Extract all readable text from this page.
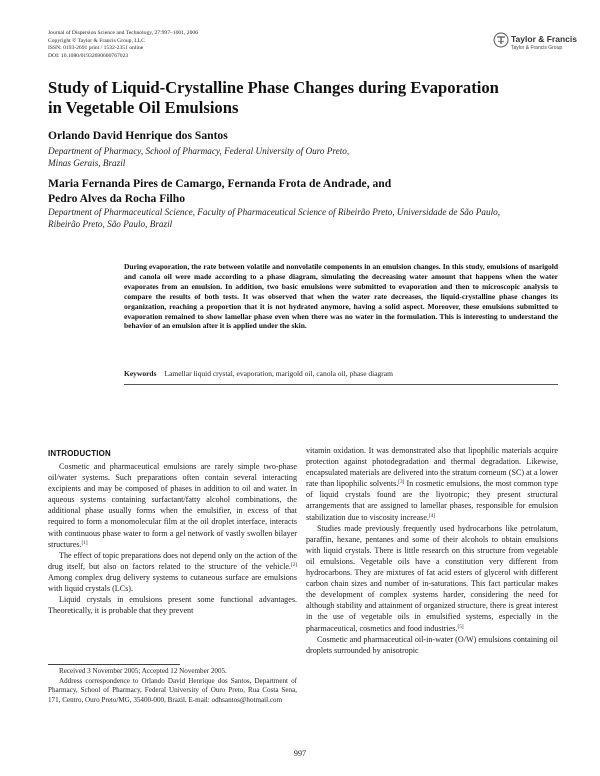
Journal of Dispersion Science and Technology, 27:997–1001, 2006
Copyright © Taylor & Francis Group, LLC
ISSN: 0193-2691 print / 1532-2351 online
DOI: 10.1080/01932690600767023
Taylor & Francis
Taylor & Francis Group
Study of Liquid-Crystalline Phase Changes during Evaporation
in Vegetable Oil Emulsions
Orlando David Henrique dos Santos
Department of Pharmacy, School of Pharmacy, Federal University of Ouro Preto,
Minas Gerais, Brazil
Maria Fernanda Pires de Camargo, Fernanda Frota de Andrade, and
Pedro Alves da Rocha Filho
Department of Pharmaceutical Science, Faculty of Pharmaceutical Science of Ribeirão Preto, Universidade de São Paulo,
Ribeirão Preto, São Paulo, Brazil
During evaporation, the rate between volatile and nonvolatile components in an emulsion changes. In this study, emulsions of marigold and canola oil were made according to a phase diagram, simulating the decreasing water amount that happens when the water evaporates from an emulsion. In addition, two basic emulsions were submitted to evaporation and then to microscopic analysis to compare the results of both tests. It was observed that when the water rate decreases, the liquid-crystalline phase changes its organization, reaching a proportion that it is not hydrated anymore, having a solid aspect. Moreover, these emulsions submitted to evaporation remained to show lamellar phase even when there was no water in the formulation. This is interesting to understand the behavior of an emulsion after it is applied under the skin.
Keywords Lamellar liquid crystal, evaporation, marigold oil, canola oil, phase diagram
INTRODUCTION

Cosmetic and pharmaceutical emulsions are rarely simple two-phase oil/water systems. Such preparations often contain several interacting excipients and may be composed of phases in addition to oil and water. In aqueous systems containing surfactant/fatty alcohol combinations, the additional phase usually forms when the emulsifier, in excess of that required to form a monomolecular film at the oil droplet interface, interacts with continuous phase water to form a gel network of vastly swollen bilayer structures.[1]

The effect of topic preparations does not depend only on the action of the drug itself, but also on factors related to the structure of the vehicle.[2] Among complex drug delivery systems to cutaneous surface are emulsions with liquid crystals (LCs).

Liquid crystals in emulsions present some functional advantages. Theoretically, it is probable that they prevent

vitamin oxidation. It was demonstrated also that lipophilic materials acquire protection against photodegradation and thermal degradation. Likewise, encapsulated materials are delivered into the stratum corneum (SC) at a lower rate than lipophilic solvents.[3] In cosmetic emulsions, the most common type of liquid crystals found are the liyotropic; they present structural arrangements that are assigned to lamellar phases, responsible for emulsion stabilization due to viscosity increase.[4]

Studies made previously frequently used hydrocarbons like petrolatum, paraffin, hexane, pentanes and some of their alcohols to obtain emulsions with liquid crystals. There is little research on this structure from vegetable oil emulsions. Vegetable oils have a constitution very different from hydrocarbons. They are mixtures of fat acid esters of glycerol with different carbon chain sizes and number of in-saturations. This fact particular makes the development of complex systems harder, considering the need for although stability and attainment of organized structure, there is great interest in the use of vegetable oils in emulsified systems, especially in the pharmaceutical, cosmetics and food industries.[5]

Cosmetic and pharmaceutical oil-in-water (O/W) emulsions containing oil droplets surrounded by anisotropic

Received 3 November 2005; Accepted 12 November 2005.

Address correspondence to Orlando David Henrique dos Santos, Department of Pharmacy, School of Pharmacy, Federal University of Ouro Preto, Rua Costa Sena, 171, Centro, Ouro Preto/MG, 35400-000, Brazil. E-mail: odhsantos@hotmail.com

997
